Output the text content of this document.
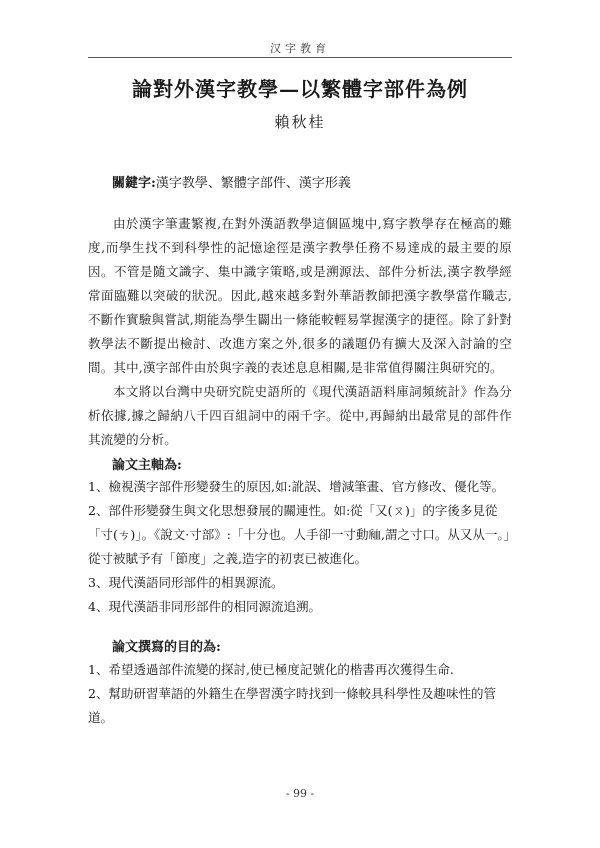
汉字教育
論對外漢字教學—以繁體字部件為例
賴秋桂
關鍵字:漢字教學、繁體字部件、漢字形義

由於漢字筆畫繁複,在對外漢語教學這個區塊中,寫字教學存在極高的難度,而學生找不到科學性的記憶途徑是漢字教學任務不易達成的最主要的原因。不管是隨文識字、集中識字策略,或是溯源法、部件分析法,漢字教學經常面臨難以突破的狀況。因此,越來越多對外華語教師把漢字教學當作職志,不斷作實驗與嘗試,期能為學生闢出一條能較輕易掌握漢字的捷徑。除了針對教學法不斷提出檢討、改進方案之外,很多的議題仍有擴大及深入討論的空間。其中,漢字部件由於與字義的表述息息相關,是非常值得關注與研究的。

本文將以台灣中央研究院史語所的《現代漢語語料庫詞頻統計》作為分析依據,據之歸納八千四百組詞中的兩千字。從中,再歸納出最常見的部件作其流變的分析。

論文主軸為:
1、檢視漢字部件形變發生的原因,如:訛誤、增減筆畫、官方修改、優化等。
2、部件形變發生與文化思想發展的關連性。如:從「又(ㄡ)」的字後多見從「寸(ㄘ)」。《說文·寸部》:「十分也。人手卻一寸動𧖴,謂之寸口。从又从一。」從寸被賦予有「節度」之義,造字的初衷已被進化。
3、現代漢語同形部件的相異源流。
4、現代漢語非同形部件的相同源流追溯。
論文撰寫的目的為:
1、希望透過部件流變的探討,使已極度記號化的楷書再次獲得生命.
2、幫助研習華語的外籍生在學習漢字時找到一條較具科學性及趣味性的管道。
- 99 -
